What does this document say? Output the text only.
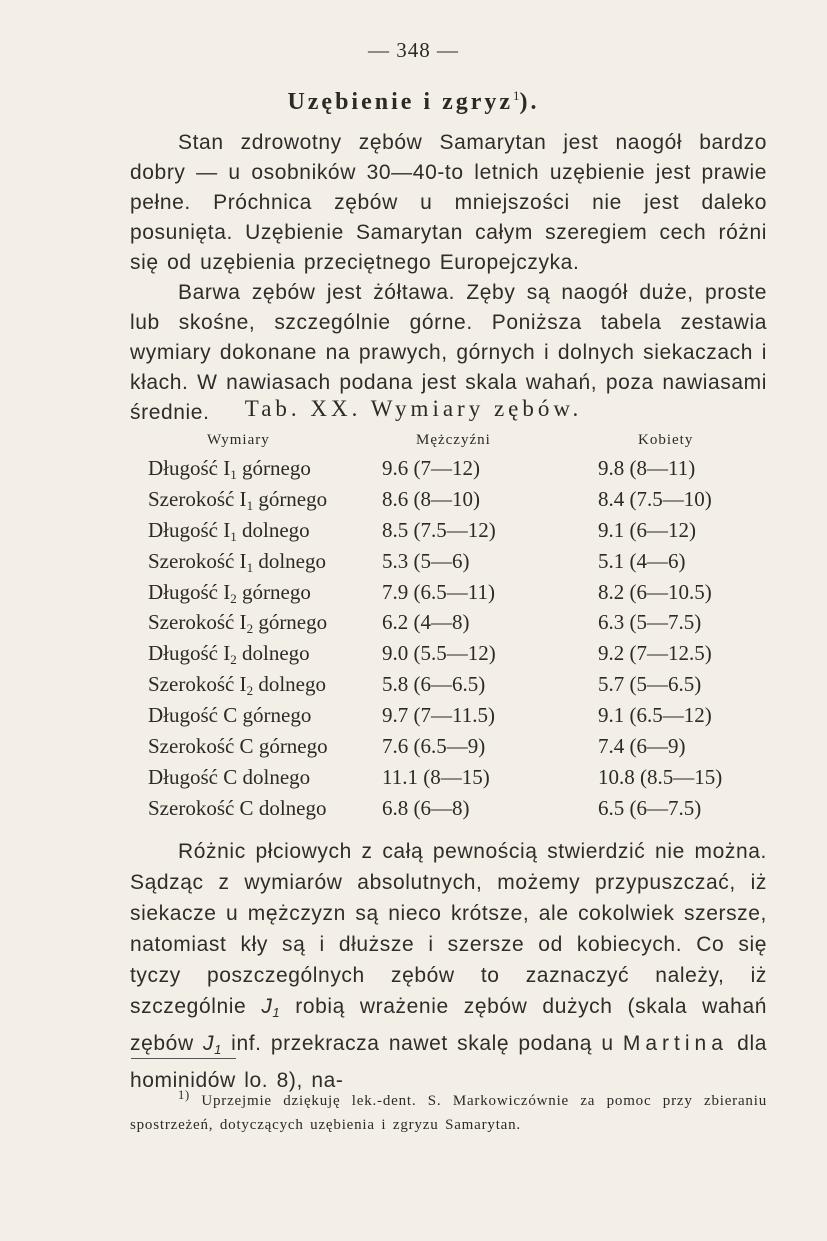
— 348 —
Uzębienie i zgryz$^1$).

Stan zdrowotny zębów Samarytan jest naogół bardzo dobry — u osobników 30—40-to letnich uzębienie jest prawie pełne. Próchnica zębów u mniejszości nie jest daleko posunięta. Uzębienie Samarytan całym szeregiem cech różni się od uzębienia przeciętnego Europejczyka.

Barwa zębów jest żółtawa. Zęby są naogół duże, proste lub skośne, szczególnie górne. Poniższa tabela zestawia wymiary dokonane na prawych, górnych i dolnych siekaczach i kłach. W nawiasach podana jest skala wahań, poza nawiasami średnie.	Tab. XX. Wymiary zębów.
Wymiary	Mężczyźni	Kobiety
Długość $I_1$ górnego	9.6 (7—12)	9.8 (8—11)
Szerokość $I_1$ górnego	8.6 (8—10)	8.4 (7.5—10)
Długość $I_1$ dolnego	8.5 (7.5—12)	9.1 (6—12)
Szerokość $I_1$ dolnego	5.3 (5—6)	5.1 (4—6)
Długość $I_2$ górnego	7.9 (6.5—11)	8.2 (6—10.5)
Szerokość $I_2$ górnego	6.2 (4—8)	6.3 (5—7.5)
Długość $I_2$ dolnego	9.0 (5.5—12)	9.2 (7—12.5)
Szerokość $I_2$ dolnego	5.8 (6—6.5)	5.7 (5—6.5)
Długość C górnego	9.7 (7—11.5)	9.1 (6.5—12)
Szerokość C górnego	7.6 (6.5—9)	7.4 (6—9)
Długość C dolnego	11.1 (8—15)	10.8 (8.5—15)
Szerokość C dolnego	6.8 (6—8)	6.5 (6—7.5)

Różnic płciowych z całą pewnością stwierdzić nie można. Sądząc z wymiarów absolutnych, możemy przypuszczać, iż siekacze u mężczyzn są nieco krótsze, ale cokolwiek szersze, natomiast kły są i dłuższe i szersze od kobiecych. Co się tyczy poszczególnych zębów to zaznaczyć należy, iż szczególnie $J_1$ robią wrażenie zębów dużych (skala wahań zębów $J_1$ inf. przekracza nawet skalę podaną u Martina dla hominidów lo. 8), na-

$^{1)}$ Uprzejmie dziękuję lek.-dent. S. Markowiczównie za pomoc przy zbieraniu spostrzeżeń, dotyczących uzębienia i zgryzu Samarytan.
